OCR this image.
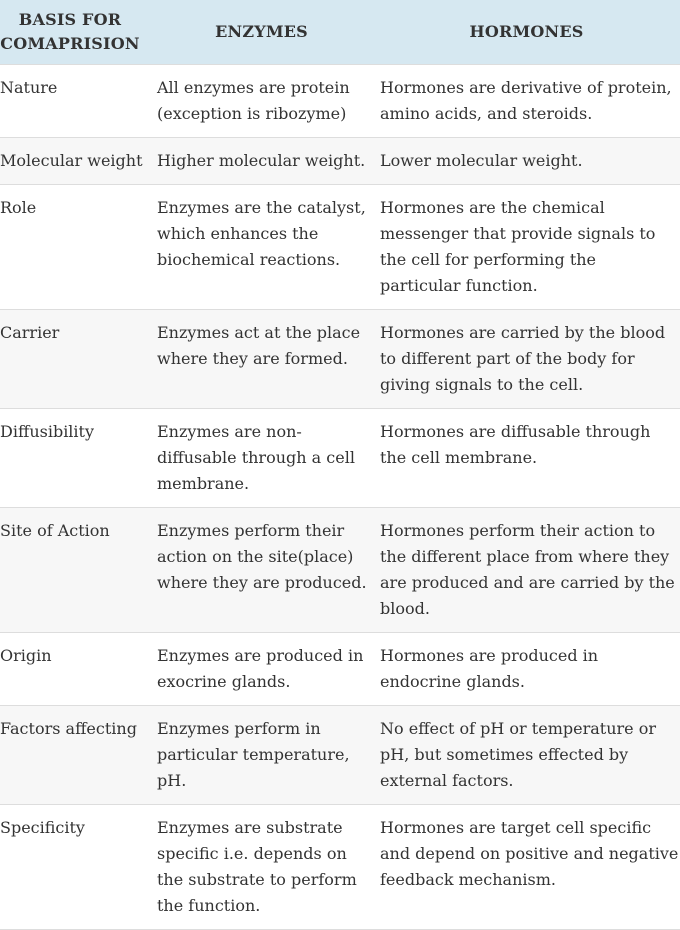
BASIS FOR COMAPRISION	ENZYMES	HORMONES
Nature	All enzymes are protein (exception is ribozyme)	Hormones are derivative of protein, amino acids, and steroids.
Molecular weight	Higher molecular weight.	Lower molecular weight.
Role	Enzymes are the catalyst, which enhances the biochemical reactions.	Hormones are the chemical messenger that provide signals to the cell for performing the particular function.
Carrier	Enzymes act at the place where they are formed.	Hormones are carried by the blood to different part of the body for giving signals to the cell.
Diffusibility	Enzymes are non-diffusable through a cell membrane.	Hormones are diffusable through the cell membrane.
Site of Action	Enzymes perform their action on the site(place) where they are produced.	Hormones perform their action to the different place from where they are produced and are carried by the blood.
Origin	Enzymes are produced in exocrine glands.	Hormones are produced in endocrine glands.
Factors affecting	Enzymes perform in particular temperature, pH.	No effect of pH or temperature or pH, but sometimes effected by external factors.
Specificity	Enzymes are substrate specific i.e. depends on the substrate to perform the function.	Hormones are target cell specific and depend on positive and negative feedback mechanism.
